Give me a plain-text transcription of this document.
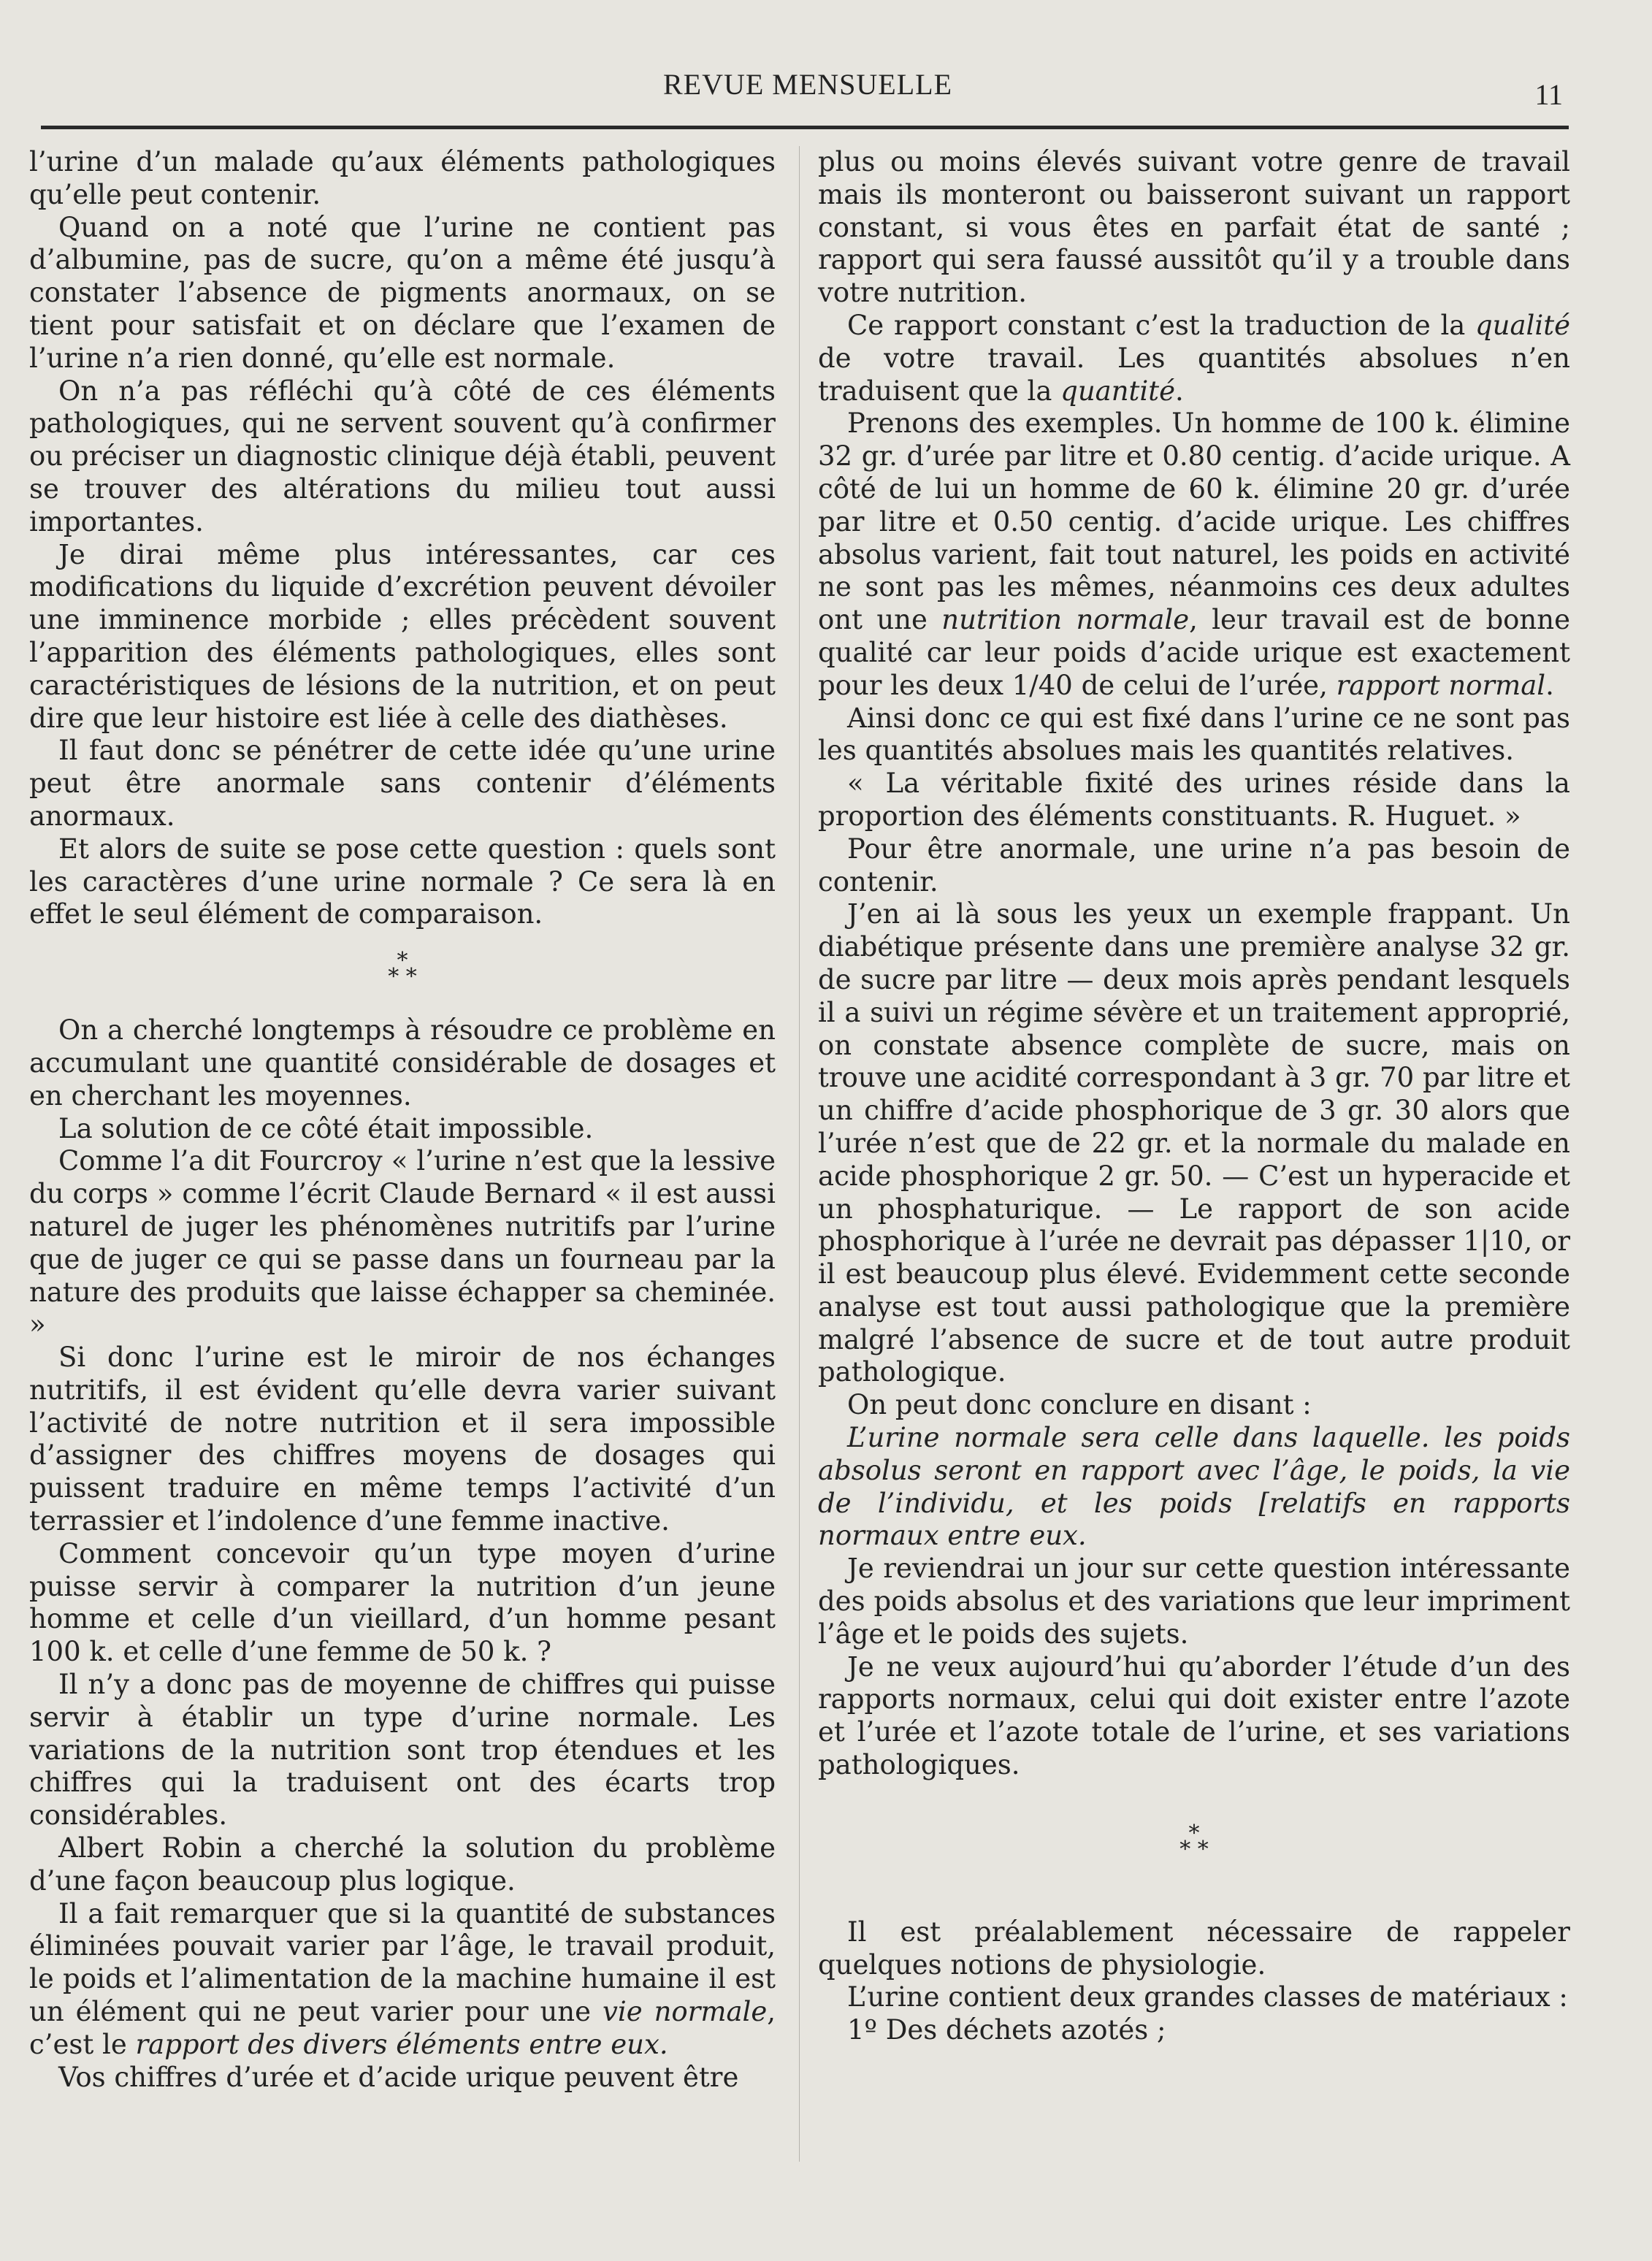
REVUE MENSUELLE	11

l’urine d’un malade qu’aux éléments pathologiques qu’elle peut contenir.

Quand on a noté que l’urine ne contient pas d’albumine, pas de sucre, qu’on a même été jusqu’à constater l’absence de pigments anormaux, on se tient pour satisfait et on déclare que l’examen de l’urine n’a rien donné, qu’elle est normale.

On n’a pas réfléchi qu’à côté de ces éléments pathologiques, qui ne servent souvent qu’à confirmer ou préciser un diagnostic clinique déjà établi, peuvent se trouver des altérations du milieu tout aussi importantes.

Je dirai même plus intéressantes, car ces modifications du liquide d’excrétion peuvent dévoiler une imminence morbide ; elles précèdent souvent l’apparition des éléments pathologiques, elles sont caractéristiques de lésions de la nutrition, et on peut dire que leur histoire est liée à celle des diathèses.

Il faut donc se pénétrer de cette idée qu’une urine peut être anormale sans contenir d’éléments anormaux.

Et alors de suite se pose cette question : quels sont les caractères d’une urine normale ? Ce sera là en effet le seul élément de comparaison.

*
* *

On a cherché longtemps à résoudre ce problème en accumulant une quantité considérable de dosages et en cherchant les moyennes.

La solution de ce côté était impossible.

Comme l’a dit Fourcroy « l’urine n’est que la lessive du corps » comme l’écrit Claude Bernard « il est aussi naturel de juger les phénomènes nutritifs par l’urine que de juger ce qui se passe dans un fourneau par la nature des produits que laisse échapper sa cheminée. »

Si donc l’urine est le miroir de nos échanges nutritifs, il est évident qu’elle devra varier suivant l’activité de notre nutrition et il sera impossible d’assigner des chiffres moyens de dosages qui puissent traduire en même temps l’activité d’un terrassier et l’indolence d’une femme inactive.

Comment concevoir qu’un type moyen d’urine puisse servir à comparer la nutrition d’un jeune homme et celle d’un vieillard, d’un homme pesant 100 k. et celle d’une femme de 50 k. ?

Il n’y a donc pas de moyenne de chiffres qui puisse servir à établir un type d’urine normale. Les variations de la nutrition sont trop étendues et les chiffres qui la traduisent ont des écarts trop considérables.

Albert Robin a cherché la solution du problème d’une façon beaucoup plus logique.

Il a fait remarquer que si la quantité de substances éliminées pouvait varier par l’âge, le travail produit, le poids et l’alimentation de la machine humaine il est un élément qui ne peut varier pour une vie normale, c’est le rapport des divers éléments entre eux.

Vos chiffres d’urée et d’acide urique peuvent être

plus ou moins élevés suivant votre genre de travail mais ils monteront ou baisseront suivant un rapport constant, si vous êtes en parfait état de santé ; rapport qui sera faussé aussitôt qu’il y a trouble dans votre nutrition.

Ce rapport constant c’est la traduction de la qualité de votre travail. Les quantités absolues n’en traduisent que la quantité.

Prenons des exemples. Un homme de 100 k. élimine 32 gr. d’urée par litre et 0.80 centig. d’acide urique. A côté de lui un homme de 60 k. élimine 20 gr. d’urée par litre et 0.50 centig. d’acide urique. Les chiffres absolus varient, fait tout naturel, les poids en activité ne sont pas les mêmes, néanmoins ces deux adultes ont une nutrition normale, leur travail est de bonne qualité car leur poids d’acide urique est exactement pour les deux 1/40 de celui de l’urée, rapport normal.

Ainsi donc ce qui est fixé dans l’urine ce ne sont pas les quantités absolues mais les quantités relatives.

« La véritable fixité des urines réside dans la proportion des éléments constituants. R. Huguet. »

Pour être anormale, une urine n’a pas besoin de contenir.

J’en ai là sous les yeux un exemple frappant. Un diabétique présente dans une première analyse 32 gr. de sucre par litre — deux mois après pendant lesquels il a suivi un régime sévère et un traitement approprié, on constate absence complète de sucre, mais on trouve une acidité correspondant à 3 gr. 70 par litre et un chiffre d’acide phosphorique de 3 gr. 30 alors que l’urée n’est que de 22 gr. et la normale du malade en acide phosphorique 2 gr. 50. — C’est un hyperacide et un phosphaturique. — Le rapport de son acide phosphorique à l’urée ne devrait pas dépasser 1|10, or il est beaucoup plus élevé. Evidemment cette seconde analyse est tout aussi pathologique que la première malgré l’absence de sucre et de tout autre produit pathologique.

On peut donc conclure en disant :

L’urine normale sera celle dans laquelle. les poids absolus seront en rapport avec l’âge, le poids, la vie de l’individu, et les poids [relatifs en rapports normaux entre eux.

Je reviendrai un jour sur cette question intéressante des poids absolus et des variations que leur impriment l’âge et le poids des sujets.

Je ne veux aujourd’hui qu’aborder l’étude d’un des rapports normaux, celui qui doit exister entre l’azote et l’urée et l’azote totale de l’urine, et ses variations pathologiques.

*
* *

Il est préalablement nécessaire de rappeler quelques notions de physiologie.

L’urine contient deux grandes classes de matériaux :

1º Des déchets azotés ;
